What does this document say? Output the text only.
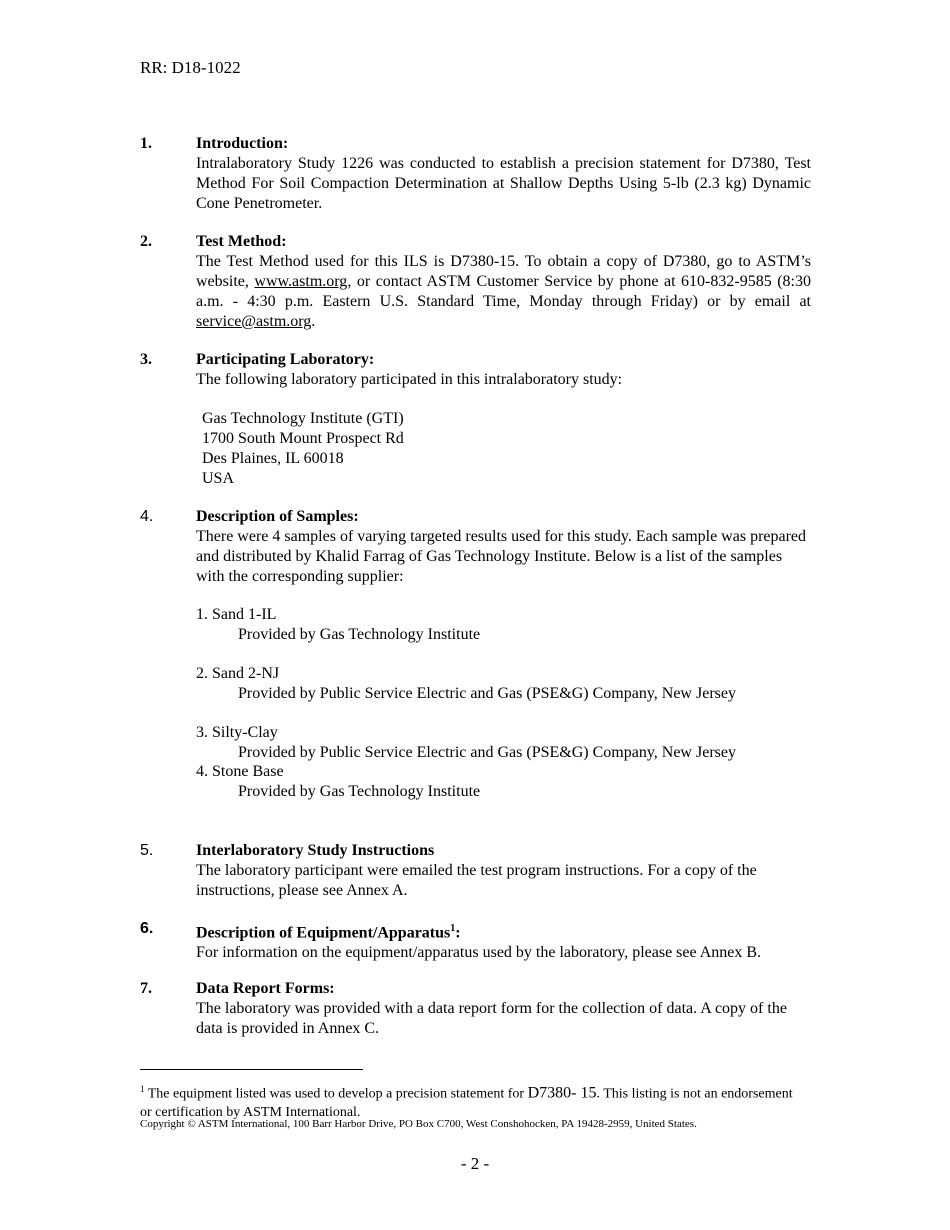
RR: D18-1022
1.	Introduction:
Intralaboratory Study 1226 was conducted to establish a precision statement for D7380, Test Method For Soil Compaction Determination at Shallow Depths Using 5-lb (2.3 kg) Dynamic Cone Penetrometer.
2.	Test Method:
The Test Method used for this ILS is D7380-15. To obtain a copy of D7380, go to ASTM’s website, www.astm.org, or contact ASTM Customer Service by phone at 610-832-9585 (8:30 a.m. - 4:30 p.m. Eastern U.S. Standard Time, Monday through Friday) or by email at service@astm.org.
3.	Participating Laboratory:
The following laboratory participated in this intralaboratory study:
Gas Technology Institute (GTI)
1700 South Mount Prospect Rd
Des Plaines, IL 60018
USA
4.	Description of Samples:
There were 4 samples of varying targeted results used for this study. Each sample was prepared and distributed by Khalid Farrag of Gas Technology Institute. Below is a list of the samples with the corresponding supplier:
1. Sand 1-IL
Provided by Gas Technology Institute
2. Sand 2-NJ
Provided by Public Service Electric and Gas (PSE&G) Company, New Jersey
3. Silty-Clay
Provided by Public Service Electric and Gas (PSE&G) Company, New Jersey
4. Stone Base
Provided by Gas Technology Institute
5.	Interlaboratory Study Instructions
The laboratory participant were emailed the test program instructions. For a copy of the instructions, please see Annex A.
6.	Description of Equipment/Apparatus$^1$:
For information on the equipment/apparatus used by the laboratory, please see Annex B.
7.	Data Report Forms:
The laboratory was provided with a data report form for the collection of data. A copy of the data is provided in Annex C.
$^1$ The equipment listed was used to develop a precision statement for D7380- 15. This listing is not an endorsement or certification by ASTM International.
Copyright © ASTM International, 100 Barr Harbor Drive, PO Box C700, West Conshohocken, PA 19428-2959, United States.
- 2 -
